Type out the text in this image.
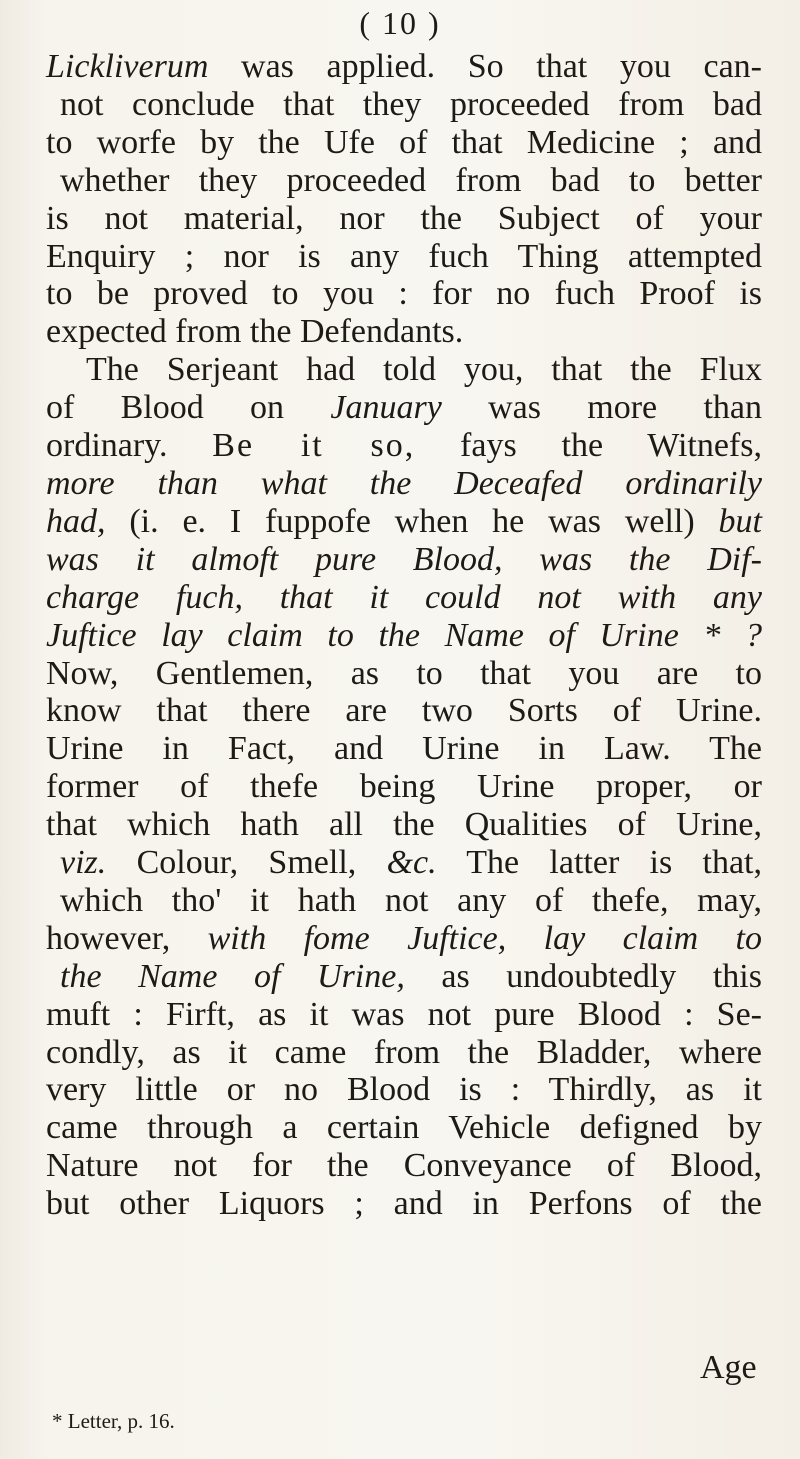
( 10 )
Lickliverum was applied. So that you can-
not conclude that they proceeded from bad
to worfe by the Ufe of that Medicine ; and
whether they proceeded from bad to better
is not material, nor the Subject of your
Enquiry ; nor is any fuch Thing attempted
to be proved to you : for no fuch Proof is
expected from the Defendants.
The Serjeant had told you, that the Flux
of Blood on January was more than
ordinary. Be it so, fays the Witnefs,
more than what the Deceafed ordinarily
had, (i. e. I fuppofe when he was well) but
was it almoft pure Blood, was the Dif-
charge fuch, that it could not with any
Juftice lay claim to the Name of Urine * ?
Now, Gentlemen, as to that you are to
know that there are two Sorts of Urine.
Urine in Fact, and Urine in Law. The
former of thefe being Urine proper, or
that which hath all the Qualities of Urine,
viz. Colour, Smell, &c. The latter is that,
which tho' it hath not any of thefe, may,
however, with fome Juftice, lay claim to
the Name of Urine, as undoubtedly this
muft : Firft, as it was not pure Blood : Se-
condly, as it came from the Bladder, where
very little or no Blood is : Thirdly, as it
came through a certain Vehicle defigned by
Nature not for the Conveyance of Blood,
but other Liquors ; and in Perfons of the
Age
* Letter, p. 16.
